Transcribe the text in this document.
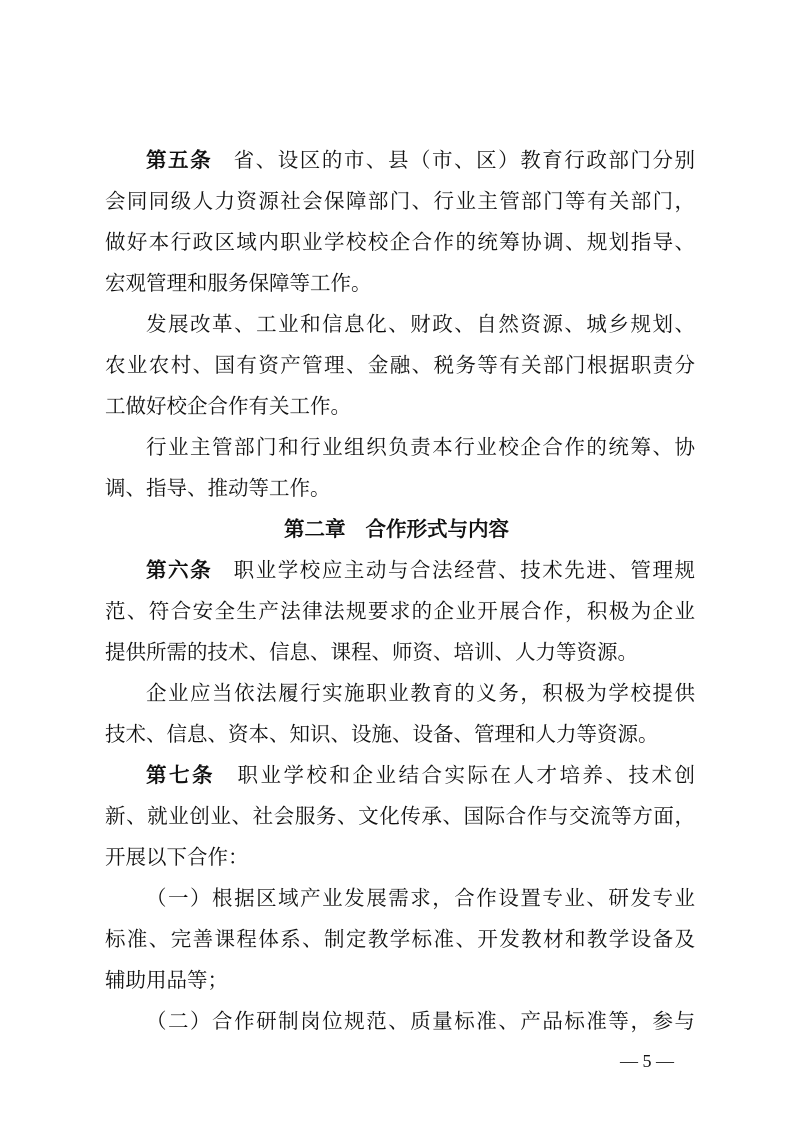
第五条 省、设区的市、县（市、区）教育行政部门分别
会同同级人力资源社会保障部门、行业主管部门等有关部门，
做好本行政区域内职业学校校企合作的统筹协调、规划指导、
宏观管理和服务保障等工作。
发展改革、工业和信息化、财政、自然资源、城乡规划、
农业农村、国有资产管理、金融、税务等有关部门根据职责分
工做好校企合作有关工作。
行业主管部门和行业组织负责本行业校企合作的统筹、协
调、指导、推动等工作。
第二章 合作形式与内容
第六条 职业学校应主动与合法经营、技术先进、管理规
范、符合安全生产法律法规要求的企业开展合作，积极为企业
提供所需的技术、信息、课程、师资、培训、人力等资源。
企业应当依法履行实施职业教育的义务，积极为学校提供
技术、信息、资本、知识、设施、设备、管理和人力等资源。
第七条 职业学校和企业结合实际在人才培养、技术创
新、就业创业、社会服务、文化传承、国际合作与交流等方面，
开展以下合作：
（一）根据区域产业发展需求，合作设置专业、研发专业
标准、完善课程体系、制定教学标准、开发教材和教学设备及
辅助用品等；
（二）合作研制岗位规范、质量标准、产品标准等，参与
— 5 —
